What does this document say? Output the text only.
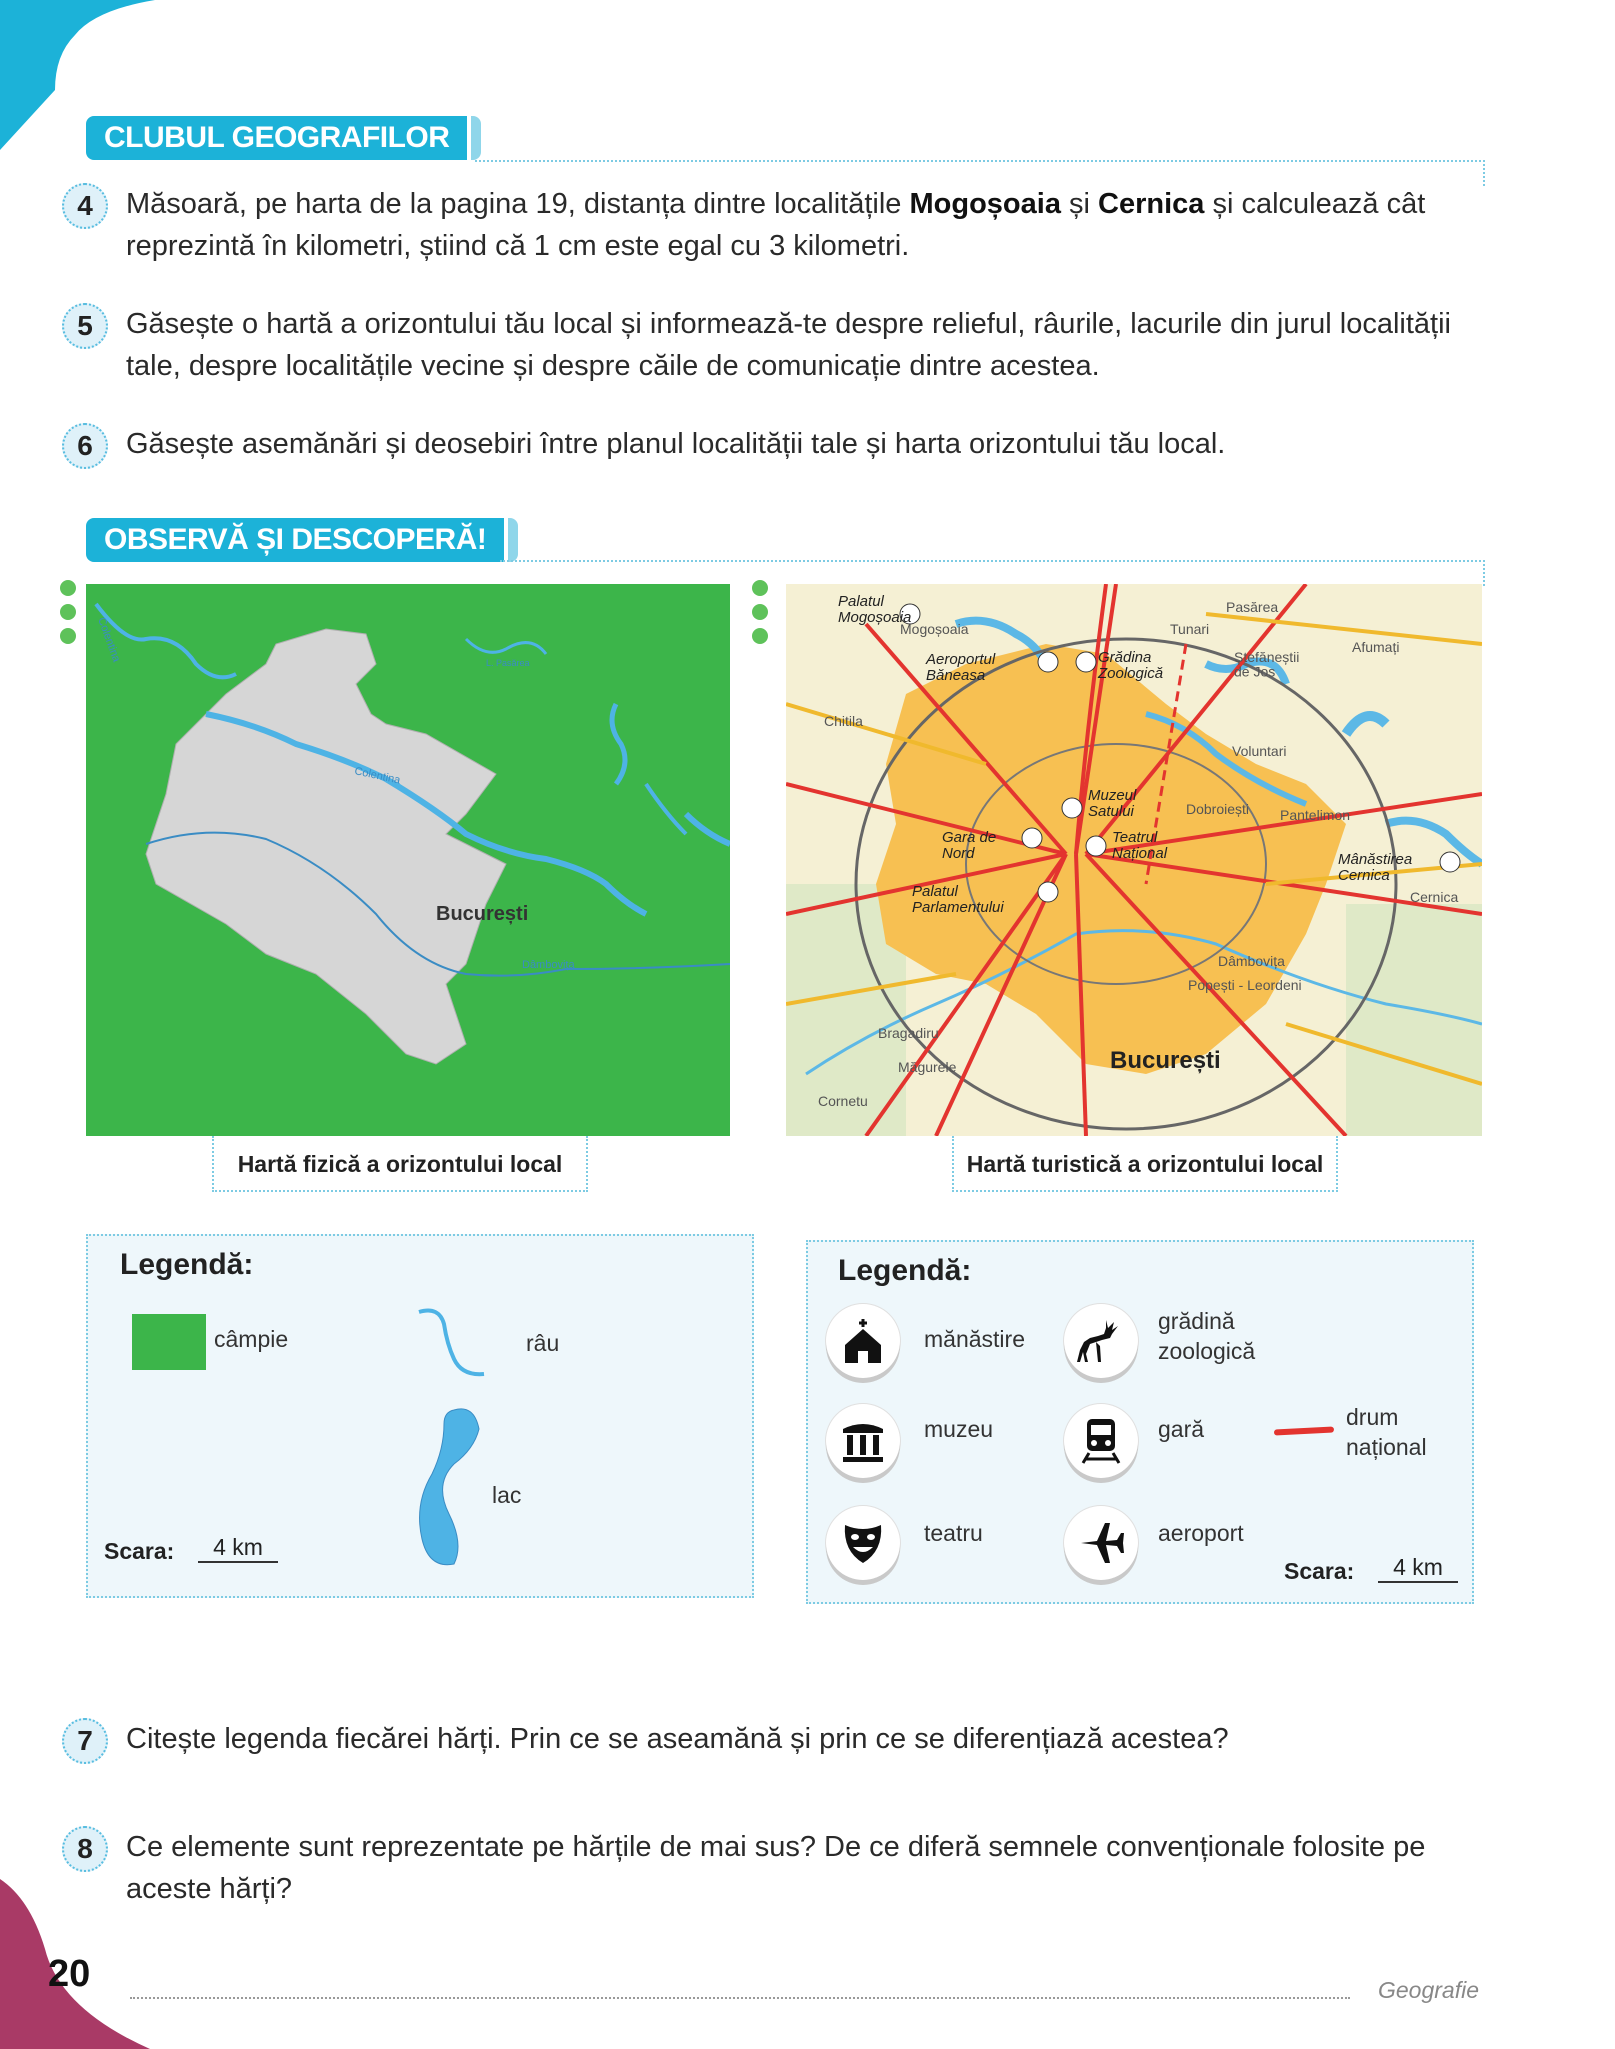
CLUBUL GEOGRAFILOR
4	Măsoară, pe harta de la pagina 19, distanța dintre localitățile Mogoșoaia și Cernica și calculează cât reprezintă în kilometri, știind că 1 cm este egal cu 3 kilometri.
5	Găsește o hartă a orizontului tău local și informează-te despre relieful, râurile, lacurile din jurul localității tale, despre localitățile vecine și despre căile de comunicație dintre acestea.
6	Găsește asemănări și deosebiri între planul localității tale și harta orizontului tău local.
OBSERVĂ ȘI DESCOPERĂ!
Colentina	L. Pasărea
Colentina
Dâmbovița
București
Palatul Mogoșoaia
Mogoșoaia
Aeroportul Băneasa
Grădina Zoologică
Pasărea
Tunari
Ștefăneștii de Jos
Afumați
Chitila
Voluntari
Muzeul Satului	Dobroiești Pantelimon
Gara de Nord
Teatrul Național	Mânăstirea Cernica
Cernica
Palatul Parlamentului
Dâmbovița
Popești - Leordeni
Bragadiru
Măgurele
Cornetu
București
Hartă fizică a orizontului local	Hartă turistică a orizontului local
Legendă:
câmpie	râu
lac
Scara:	4 km
Legendă:
mănăstire
grădină
zoologică
muzeu	gară	drum
național
teatru	aeroport
Scara:	4 km
7	Citește legenda fiecărei hărți. Prin ce se aseamănă și prin ce se diferențiază acestea?
8	Ce elemente sunt reprezentate pe hărțile de mai sus? De ce diferă semnele convenționale folosite pe aceste hărți?
20	Geografie
